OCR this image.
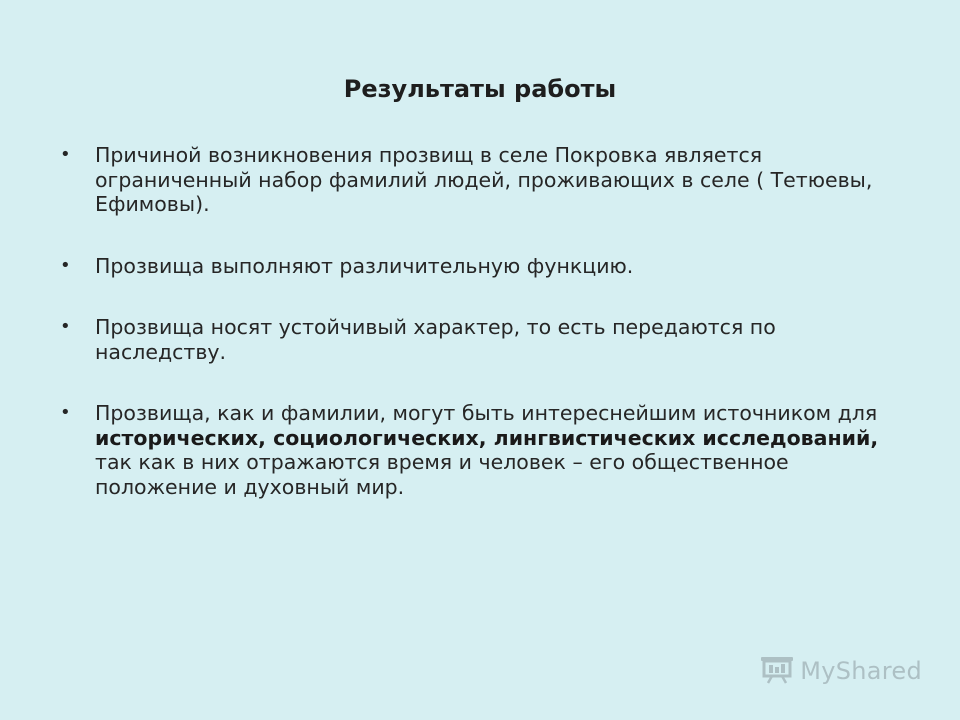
Результаты работы
• Причиной возникновения прозвищ в селе Покровка является ограниченный набор фамилий людей, проживающих в селе ( Тетюевы, Ефимовы).
• Прозвища выполняют различительную функцию.
• Прозвища носят устойчивый характер, то есть передаются по наследству.
• Прозвища, как и фамилии, могут быть интереснейшим источником для исторических, социологических, лингвистических исследований, так как в них отражаются время и человек – его общественное положение и духовный мир.
MyShared
